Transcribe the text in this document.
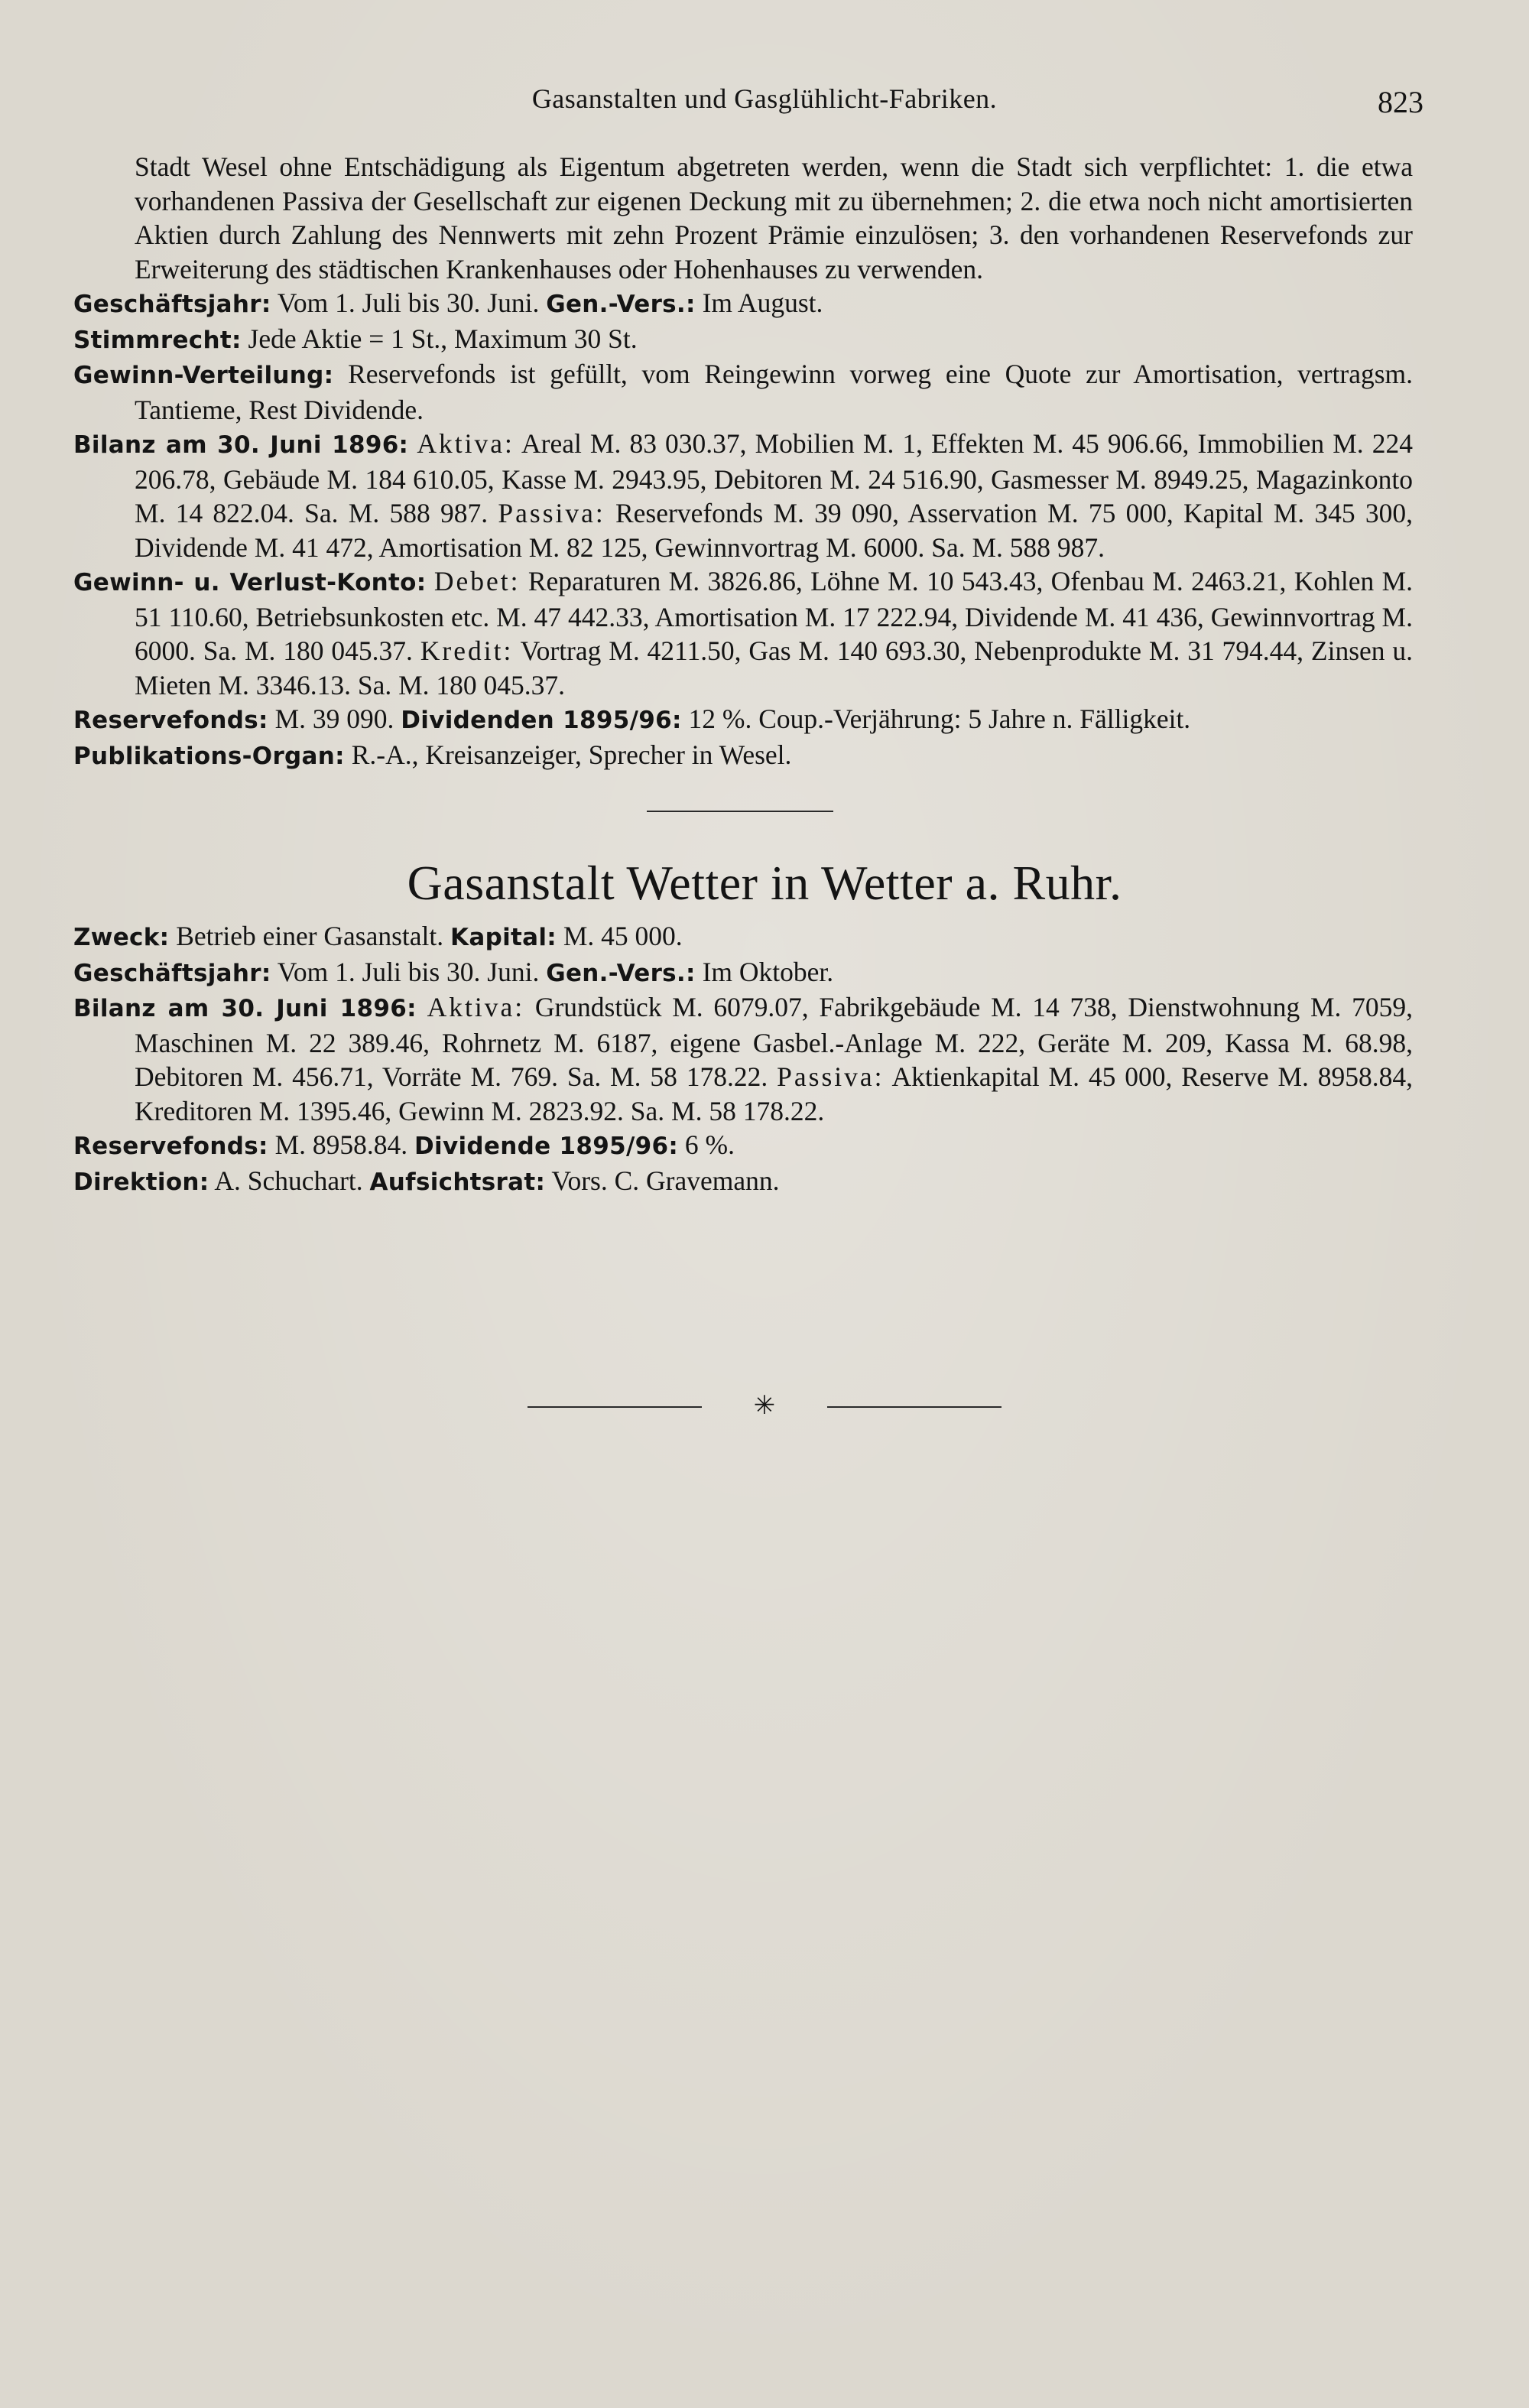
Gasanstalten und Gasglühlicht-Fabriken.	823

Stadt Wesel ohne Entschädigung als Eigentum abgetreten werden, wenn die Stadt sich verpflichtet: 1. die etwa vorhandenen Passiva der Gesellschaft zur eigenen Deckung mit zu übernehmen; 2. die etwa noch nicht amortisierten Aktien durch Zahlung des Nennwerts mit zehn Prozent Prämie einzulösen; 3. den vorhandenen Reservefonds zur Erweiterung des städtischen Krankenhauses oder Hohenhauses zu verwenden.

Geschäftsjahr: Vom 1. Juli bis 30. Juni. Gen.-Vers.: Im August.

Stimmrecht: Jede Aktie = 1 St., Maximum 30 St.

Gewinn-Verteilung: Reservefonds ist gefüllt, vom Reingewinn vorweg eine Quote zur Amortisation, vertragsm. Tantieme, Rest Dividende.

Bilanz am 30. Juni 1896: Aktiva: Areal M. 83 030.37, Mobilien M. 1, Effekten M. 45 906.66, Immobilien M. 224 206.78, Gebäude M. 184 610.05, Kasse M. 2943.95, Debitoren M. 24 516.90, Gasmesser M. 8949.25, Magazinkonto M. 14 822.04. Sa. M. 588 987. Passiva: Reservefonds M. 39 090, Asservation M. 75 000, Kapital M. 345 300, Dividende M. 41 472, Amortisation M. 82 125, Gewinnvortrag M. 6000. Sa. M. 588 987.

Gewinn- u. Verlust-Konto: Debet: Reparaturen M. 3826.86, Löhne M. 10 543.43, Ofenbau M. 2463.21, Kohlen M. 51 110.60, Betriebsunkosten etc. M. 47 442.33, Amortisation M. 17 222.94, Dividende M. 41 436, Gewinnvortrag M. 6000. Sa. M. 180 045.37. Kredit: Vortrag M. 4211.50, Gas M. 140 693.30, Nebenprodukte M. 31 794.44, Zinsen u. Mieten M. 3346.13. Sa. M. 180 045.37.

Reservefonds: M. 39 090. Dividenden 1895/96: 12 %. Coup.-Verjährung: 5 Jahre n. Fälligkeit.

Publikations-Organ: R.-A., Kreisanzeiger, Sprecher in Wesel.

Gasanstalt Wetter in Wetter a. Ruhr.

Zweck: Betrieb einer Gasanstalt. Kapital: M. 45 000.

Geschäftsjahr: Vom 1. Juli bis 30. Juni. Gen.-Vers.: Im Oktober.

Bilanz am 30. Juni 1896: Aktiva: Grundstück M. 6079.07, Fabrikgebäude M. 14 738, Dienstwohnung M. 7059, Maschinen M. 22 389.46, Rohrnetz M. 6187, eigene Gasbel.-Anlage M. 222, Geräte M. 209, Kassa M. 68.98, Debitoren M. 456.71, Vorräte M. 769. Sa. M. 58 178.22. Passiva: Aktienkapital M. 45 000, Reserve M. 8958.84, Kreditoren M. 1395.46, Gewinn M. 2823.92. Sa. M. 58 178.22.

Reservefonds: M. 8958.84. Dividende 1895/96: 6 %.

Direktion: A. Schuchart. Aufsichtsrat: Vors. C. Gravemann.

✳
